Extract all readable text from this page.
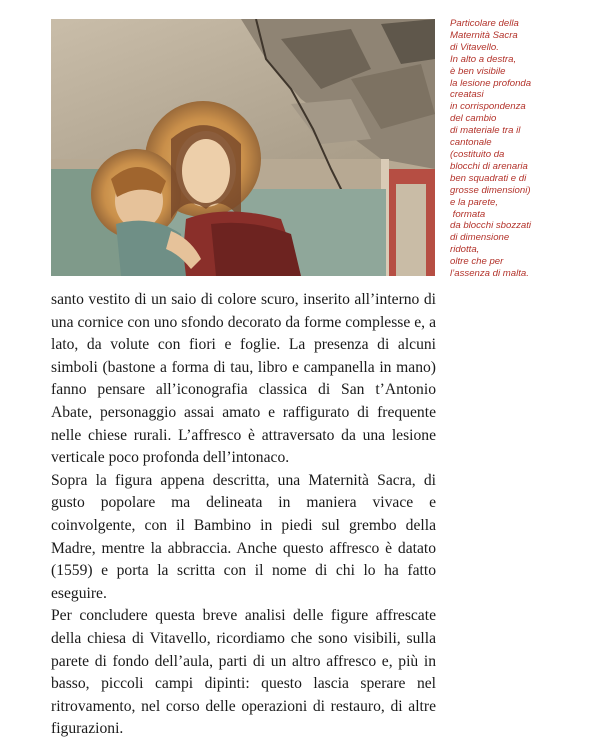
Particolare della
Maternità Sacra
di Vitavello.
In alto a destra,
è ben visibile
la lesione profonda
creatasi
in corrispondenza
del cambio
di materiale tra il
cantonale
(costituito da
blocchi di arenaria
ben squadrati e di
grosse dimensioni)
e la parete,
formata
da blocchi sbozzati
di dimensione
ridotta,
oltre che per
l’assenza di malta.

santo vestito di un saio di colore scuro, inserito all’interno di una cornice con uno sfondo decorato da forme complesse e, a lato, da volute con fiori e foglie. La presenza di alcuni simboli (bastone a forma di tau, libro e campanella in mano) fanno pensare all’iconografia classica di San t’Antonio Abate, personaggio assai amato e raffigurato di frequente nelle chiese rurali. L’affresco è attraversato da una lesione verticale poco profonda dell’intonaco.

Sopra la figura appena descritta, una Maternità Sacra, di gusto popolare ma delineata in maniera vivace e coinvolgente, con il Bambino in piedi sul grembo della Madre, mentre la abbraccia. Anche questo affresco è datato (1559) e porta la scritta con il nome di chi lo ha fatto eseguire.

Per concludere questa breve analisi delle figure affrescate della chiesa di Vitavello, ricordiamo che sono visibili, sulla parete di fondo dell’aula, parti di un altro affresco e, più in basso, piccoli campi dipinti: questo lascia sperare nel ritrovamento, nel corso delle operazioni di restauro, di altre figurazioni.
